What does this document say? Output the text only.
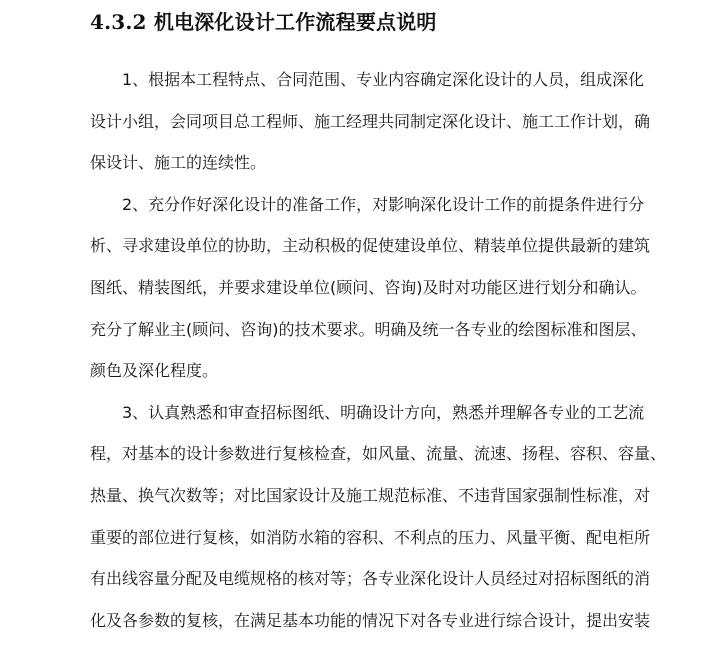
4.3.2 机电深化设计工作流程要点说明
1、根据本工程特点、合同范围、专业内容确定深化设计的人员，组成深化
设计小组，会同项目总工程师、施工经理共同制定深化设计、施工工作计划，确
保设计、施工的连续性。
2、充分作好深化设计的准备工作，对影响深化设计工作的前提条件进行分
析、寻求建设单位的协助，主动积极的促使建设单位、精装单位提供最新的建筑
图纸、精装图纸，并要求建设单位(顾问、咨询)及时对功能区进行划分和确认。
充分了解业主(顾问、咨询)的技术要求。明确及统一各专业的绘图标准和图层、
颜色及深化程度。
3、认真熟悉和审查招标图纸、明确设计方向，熟悉并理解各专业的工艺流
程，对基本的设计参数进行复核检查，如风量、流量、流速、扬程、容积、容量、
热量、换气次数等；对比国家设计及施工规范标准、不违背国家强制性标准，对
重要的部位进行复核，如消防水箱的容积、不利点的压力、风量平衡、配电柜所
有出线容量分配及电缆规格的核对等；各专业深化设计人员经过对招标图纸的消
化及各参数的复核，在满足基本功能的情况下对各专业进行综合设计，提出安装
